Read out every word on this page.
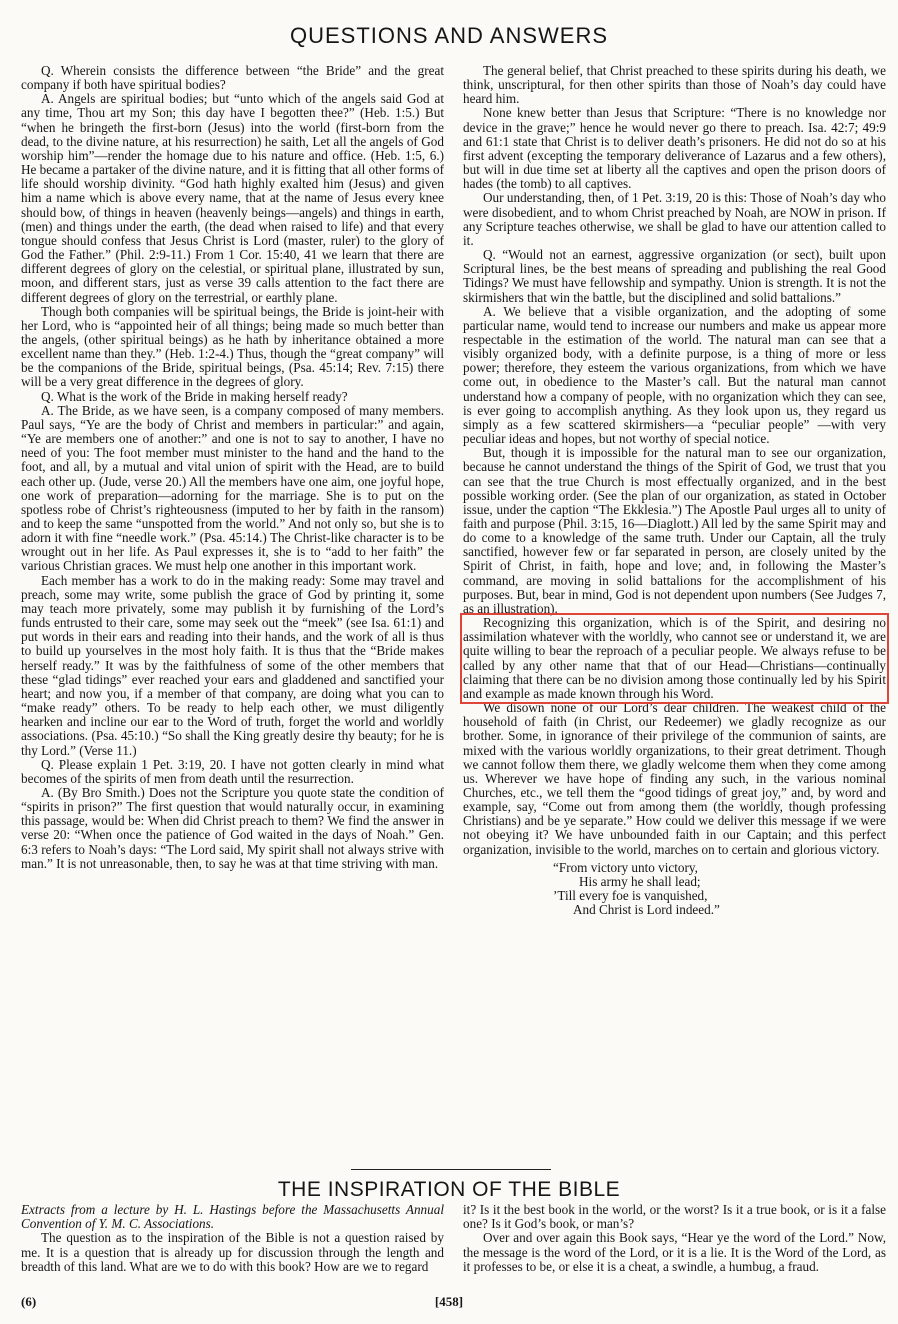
QUESTIONS AND ANSWERS

Q. Wherein consists the difference between “the Bride” and the great company if both have spiritual bodies?

A. Angels are spiritual bodies; but “unto which of the angels said God at any time, Thou art my Son; this day have I begotten thee?” (Heb. 1:5.) But “when he bringeth the first-born (Jesus) into the world (first-born from the dead, to the divine nature, at his resurrection) he saith, Let all the angels of God worship him”—render the homage due to his nature and office. (Heb. 1:5, 6.) He became a partaker of the divine nature, and it is fitting that all other forms of life should worship divinity. “God hath highly exalted him (Jesus) and given him a name which is above every name, that at the name of Jesus every knee should bow, of things in heaven (heavenly beings—angels) and things in earth, (men) and things under the earth, (the dead when raised to life) and that every tongue should confess that Jesus Christ is Lord (master, ruler) to the glory of God the Father.” (Phil. 2:9-11.) From 1 Cor. 15:40, 41 we learn that there are different degrees of glory on the celestial, or spiritual plane, illustrated by sun, moon, and different stars, just as verse 39 calls attention to the fact there are different degrees of glory on the terrestrial, or earthly plane.

Though both companies will be spiritual beings, the Bride is joint-heir with her Lord, who is “appointed heir of all things; being made so much better than the angels, (other spiritual beings) as he hath by inheritance obtained a more excellent name than they.” (Heb. 1:2-4.) Thus, though the “great company” will be the companions of the Bride, spiritual beings, (Psa. 45:14; Rev. 7:15) there will be a very great difference in the degrees of glory.

Q. What is the work of the Bride in making herself ready?

A. The Bride, as we have seen, is a company composed of many members. Paul says, “Ye are the body of Christ and members in particular:” and again, “Ye are members one of another:” and one is not to say to another, I have no need of you: The foot member must minister to the hand and the hand to the foot, and all, by a mutual and vital union of spirit with the Head, are to build each other up. (Jude, verse 20.) All the members have one aim, one joyful hope, one work of preparation—adorning for the marriage. She is to put on the spotless robe of Christ’s righteousness (imputed to her by faith in the ransom) and to keep the same “unspotted from the world.” And not only so, but she is to adorn it with fine “needle work.” (Psa. 45:14.) The Christ-like character is to be wrought out in her life. As Paul expresses it, she is to “add to her faith” the various Christian graces. We must help one another in this important work.

Each member has a work to do in the making ready: Some may travel and preach, some may write, some publish the grace of God by printing it, some may teach more privately, some may publish it by furnishing of the Lord’s funds entrusted to their care, some may seek out the “meek” (see Isa. 61:1) and put words in their ears and reading into their hands, and the work of all is thus to build up yourselves in the most holy faith. It is thus that the “Bride makes herself ready.” It was by the faithfulness of some of the other members that these “glad tidings” ever reached your ears and gladdened and sanctified your heart; and now you, if a member of that company, are doing what you can to “make ready” others. To be ready to help each other, we must diligently hearken and incline our ear to the Word of truth, forget the world and worldly associations. (Psa. 45:10.) “So shall the King greatly desire thy beauty; for he is thy Lord.” (Verse 11.)

Q. Please explain 1 Pet. 3:19, 20. I have not gotten clearly in mind what becomes of the spirits of men from death until the resurrection.

A. (By Bro Smith.) Does not the Scripture you quote state the condition of “spirits in prison?” The first question that would naturally occur, in examining this passage, would be: When did Christ preach to them? We find the answer in verse 20: “When once the patience of God waited in the days of Noah.” Gen. 6:3 refers to Noah’s days: “The Lord said, My spirit shall not always strive with man.” It is not unreasonable, then, to say he was at that time striving with man.

The general belief, that Christ preached to these spirits during his death, we think, unscriptural, for then other spirits than those of Noah’s day could have heard him.

None knew better than Jesus that Scripture: “There is no knowledge nor device in the grave;” hence he would never go there to preach. Isa. 42:7; 49:9 and 61:1 state that Christ is to deliver death’s prisoners. He did not do so at his first advent (excepting the temporary deliverance of Lazarus and a few others), but will in due time set at liberty all the captives and open the prison doors of hades (the tomb) to all captives.

Our understanding, then, of 1 Pet. 3:19, 20 is this: Those of Noah’s day who were disobedient, and to whom Christ preached by Noah, are NOW in prison. If any Scripture teaches otherwise, we shall be glad to have our attention called to it.

Q. “Would not an earnest, aggressive organization (or sect), built upon Scriptural lines, be the best means of spreading and publishing the real Good Tidings? We must have fellowship and sympathy. Union is strength. It is not the skirmishers that win the battle, but the disciplined and solid battalions.”

A. We believe that a visible organization, and the adopting of some particular name, would tend to increase our numbers and make us appear more respectable in the estimation of the world. The natural man can see that a visibly organized body, with a definite purpose, is a thing of more or less power; therefore, they esteem the various organizations, from which we have come out, in obedience to the Master’s call. But the natural man cannot understand how a company of people, with no organization which they can see, is ever going to accomplish anything. As they look upon us, they regard us simply as a few scattered skirmishers—a “peculiar people” —with very peculiar ideas and hopes, but not worthy of special notice.

But, though it is impossible for the natural man to see our organization, because he cannot understand the things of the Spirit of God, we trust that you can see that the true Church is most effectually organized, and in the best possible working order. (See the plan of our organization, as stated in October issue, under the caption “The Ekklesia.”) The Apostle Paul urges all to unity of faith and purpose (Phil. 3:15, 16—Diaglott.) All led by the same Spirit may and do come to a knowledge of the same truth. Under our Captain, all the truly sanctified, however few or far separated in person, are closely united by the Spirit of Christ, in faith, hope and love; and, in following the Master’s command, are moving in solid battalions for the accomplishment of his purposes. But, bear in mind, God is not dependent upon numbers (See Judges 7, as an illustration).

Recognizing this organization, which is of the Spirit, and desiring no assimilation whatever with the worldly, who cannot see or understand it, we are quite willing to bear the reproach of a peculiar people. We always refuse to be called by any other name that that of our Head—Christians—continually claiming that there can be no division among those continually led by his Spirit and example as made known through his Word.

We disown none of our Lord’s dear children. The weakest child of the household of faith (in Christ, our Redeemer) we gladly recognize as our brother. Some, in ignorance of their privilege of the communion of saints, are mixed with the various worldly organizations, to their great detriment. Though we cannot follow them there, we gladly welcome them when they come among us. Wherever we have hope of finding any such, in the various nominal Churches, etc., we tell them the “good tidings of great joy,” and, by word and example, say, “Come out from among them (the worldly, though professing Christians) and be ye separate.” How could we deliver this message if we were not obeying it? We have unbounded faith in our Captain; and this perfect organization, invisible to the world, marches on to certain and glorious victory.

“From victory unto victory,
His army he shall lead;
’Till every foe is vanquished,
And Christ is Lord indeed.”
THE INSPIRATION OF THE BIBLE

Extracts from a lecture by H. L. Hastings before the Massachusetts Annual Convention of Y. M. C. Associations.

The question as to the inspiration of the Bible is not a question raised by me. It is a question that is already up for discussion through the length and breadth of this land. What are we to do with this book? How are we to regard

it? Is it the best book in the world, or the worst? Is it a true book, or is it a false one? Is it God’s book, or man’s?

Over and over again this Book says, “Hear ye the word of the Lord.” Now, the message is the word of the Lord, or it is a lie. It is the Word of the Lord, as it professes to be, or else it is a cheat, a swindle, a humbug, a fraud.

(6)	[458]
